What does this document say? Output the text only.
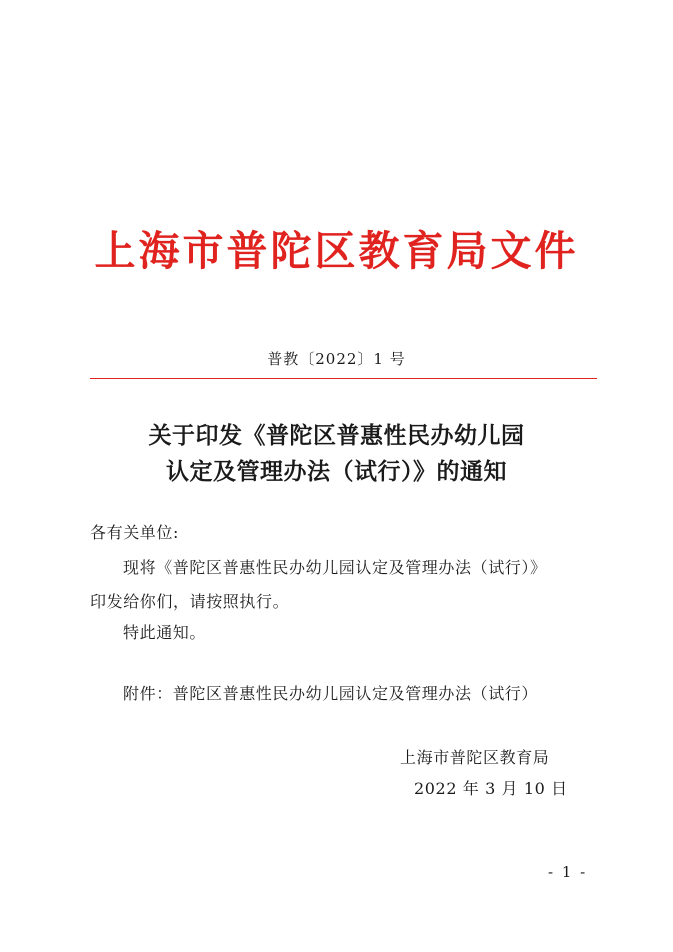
上海市普陀区教育局文件
普教〔2022〕1 号
关于印发《普陀区普惠性民办幼儿园
认定及管理办法（试行）》的通知
各有关单位:
现将《普陀区普惠性民办幼儿园认定及管理办法（试行）》
印发给你们，请按照执行。
特此通知。
附件：普陀区普惠性民办幼儿园认定及管理办法（试行）
上海市普陀区教育局
2022 年 3 月 10 日
- 1 -
